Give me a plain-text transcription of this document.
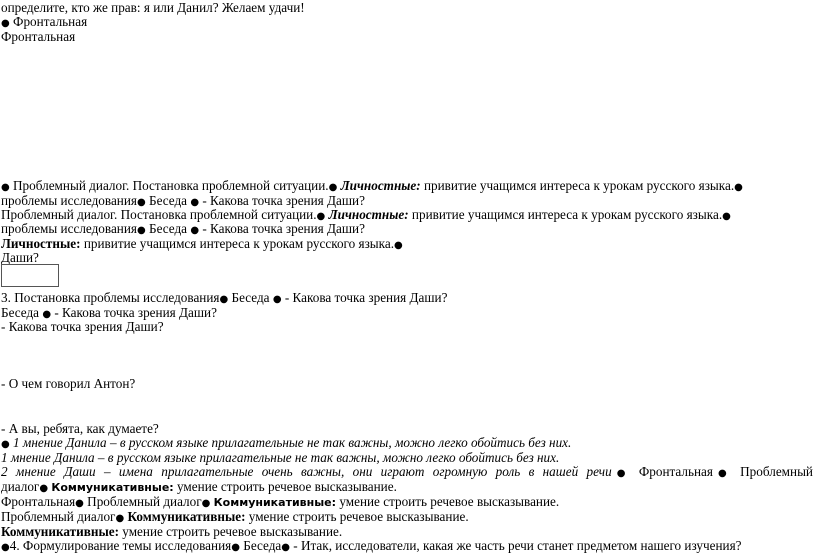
определите, кто же прав: я или Данил? Желаем удачи!
● Фронтальная
Фронтальная
● Проблемный диалог. Постановка проблемной ситуации.● Личностные: привитие учащимся интереса к урокам русского языка.●
проблемы исследования● Беседа ● - Какова точка зрения Даши?
Проблемный диалог. Постановка проблемной ситуации.● Личностные: привитие учащимся интереса к урокам русского языка.●
проблемы исследования● Беседа ● - Какова точка зрения Даши?
Личностные: привитие учащимся интереса к урокам русского языка.●
Даши?
3. Постановка проблемы исследования● Беседа ● - Какова точка зрения Даши?
Беседа ● - Какова точка зрения Даши?
- Какова точка зрения Даши?
- О чем говорил Антон?
- А вы, ребята, как думаете?
● 1 мнение Данила – в русском языке прилагательные не так важны, можно легко обойтись без них.
1 мнение Данила – в русском языке прилагательные не так важны, можно легко обойтись без них.
2 мнение Даши – имена прилагательные очень важны, они играют огромную роль в нашей речи● Фронтальная● Проблемный
диалог● Коммуникативные: умение строить речевое высказывание.
Фронтальная● Проблемный диалог● Коммуникативные: умение строить речевое высказывание.
Проблемный диалог● Коммуникативные: умение строить речевое высказывание.
Коммуникативные: умение строить речевое высказывание.
●4. Формулирование темы исследования● Беседа● - Итак, исследователи, какая же часть речи станет предметом нашего изучения?
